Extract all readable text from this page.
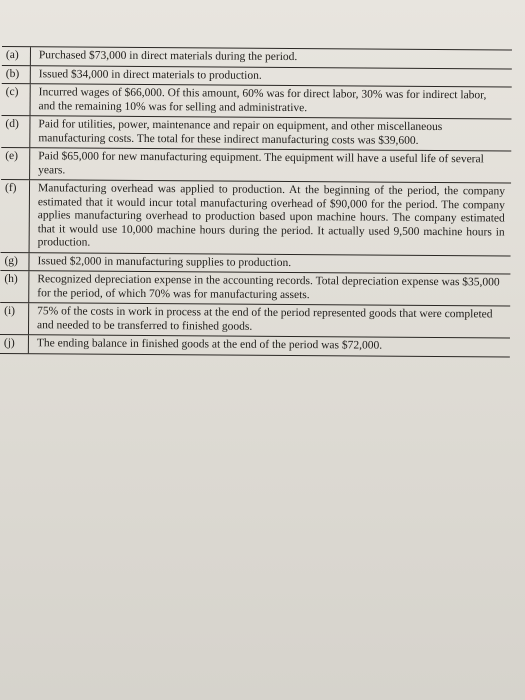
(a)	Purchased $73,000 in direct materials during the period.
(b)	Issued $34,000 in direct materials to production.
(c)	Incurred wages of $66,000. Of this amount, 60% was for direct labor, 30% was for indirect labor, and the remaining 10% was for selling and administrative.
(d)	Paid for utilities, power, maintenance and repair on equipment, and other miscellaneous manufacturing costs. The total for these indirect manufacturing costs was $39,600.
(e)	Paid $65,000 for new manufacturing equipment. The equipment will have a useful life of several years.
(f)	Manufacturing overhead was applied to production. At the beginning of the period, the company estimated that it would incur total manufacturing overhead of $90,000 for the period. The company applies manufacturing overhead to production based upon machine hours. The company estimated that it would use 10,000 machine hours during the period. It actually used 9,500 machine hours in production.
(g)	Issued $2,000 in manufacturing supplies to production.
(h)	Recognized depreciation expense in the accounting records. Total depreciation expense was $35,000 for the period, of which 70% was for manufacturing assets.
(i)	75% of the costs in work in process at the end of the period represented goods that were completed and needed to be transferred to finished goods.
(j)	The ending balance in finished goods at the end of the period was $72,000.
